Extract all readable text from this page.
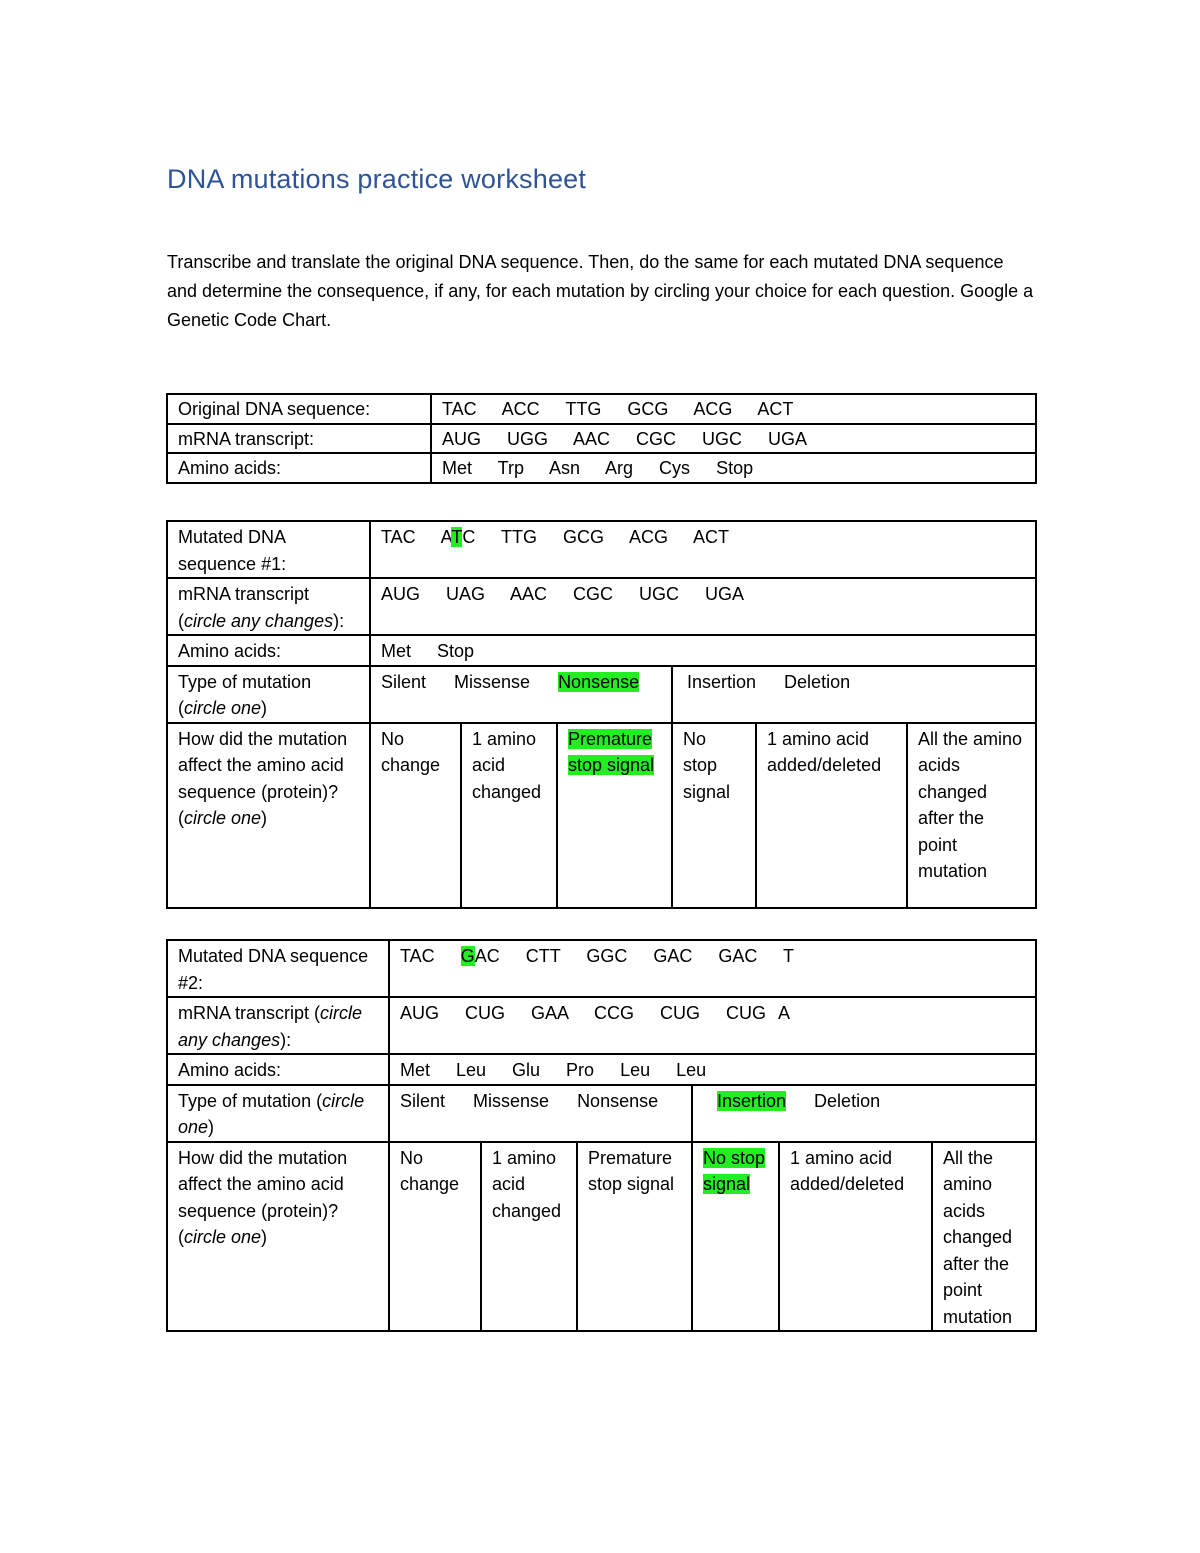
DNA mutations practice worksheet
Transcribe and translate the original DNA sequence. Then, do the same for each mutated DNA sequence and determine the consequence, if any, for each mutation by circling your choice for each question. Google a Genetic Code Chart.
Original DNA sequence:	TAC  ACC  TTG  GCG  ACG  ACT
mRNA transcript:	AUG  UGG  AAC  CGC  UGC  UGA
Amino acids:	Met  Trp  Asn  Arg  Cys  Stop
Mutated DNA sequence #1:	TAC  ATC  TTG  GCG  ACG  ACT					
mRNA transcript (circle any changes):	AUG  UAG  AAC  CGC  UGC  UGA					
Amino acids:	Met  Stop					
Type of mutation (circle one)	Silent Missense Nonsense			Insertion Deletion		
How did the mutation affect the amino acid sequence (protein)? (circle one)	No change	1 amino acid changed	Premature stop signal	No stop signal	1 amino acid added/deleted	All the amino acids changed after the point mutation
Mutated DNA sequence #2:	TAC  GAC  CTT  GGC  GAC  GAC  T					
mRNA transcript (circle any changes):	AUG  CUG  GAA  CCG  CUG  CUG A					
Amino acids:	Met  Leu  Glu  Pro  Leu  Leu					
Type of mutation (circle one)	Silent Missense Nonsense			Insertion Deletion		
How did the mutation affect the amino acid sequence (protein)? (circle one)	No change	1 amino acid changed	Premature stop signal	No stop signal	1 amino acid added/deleted	All the amino acids changed after the point mutation
